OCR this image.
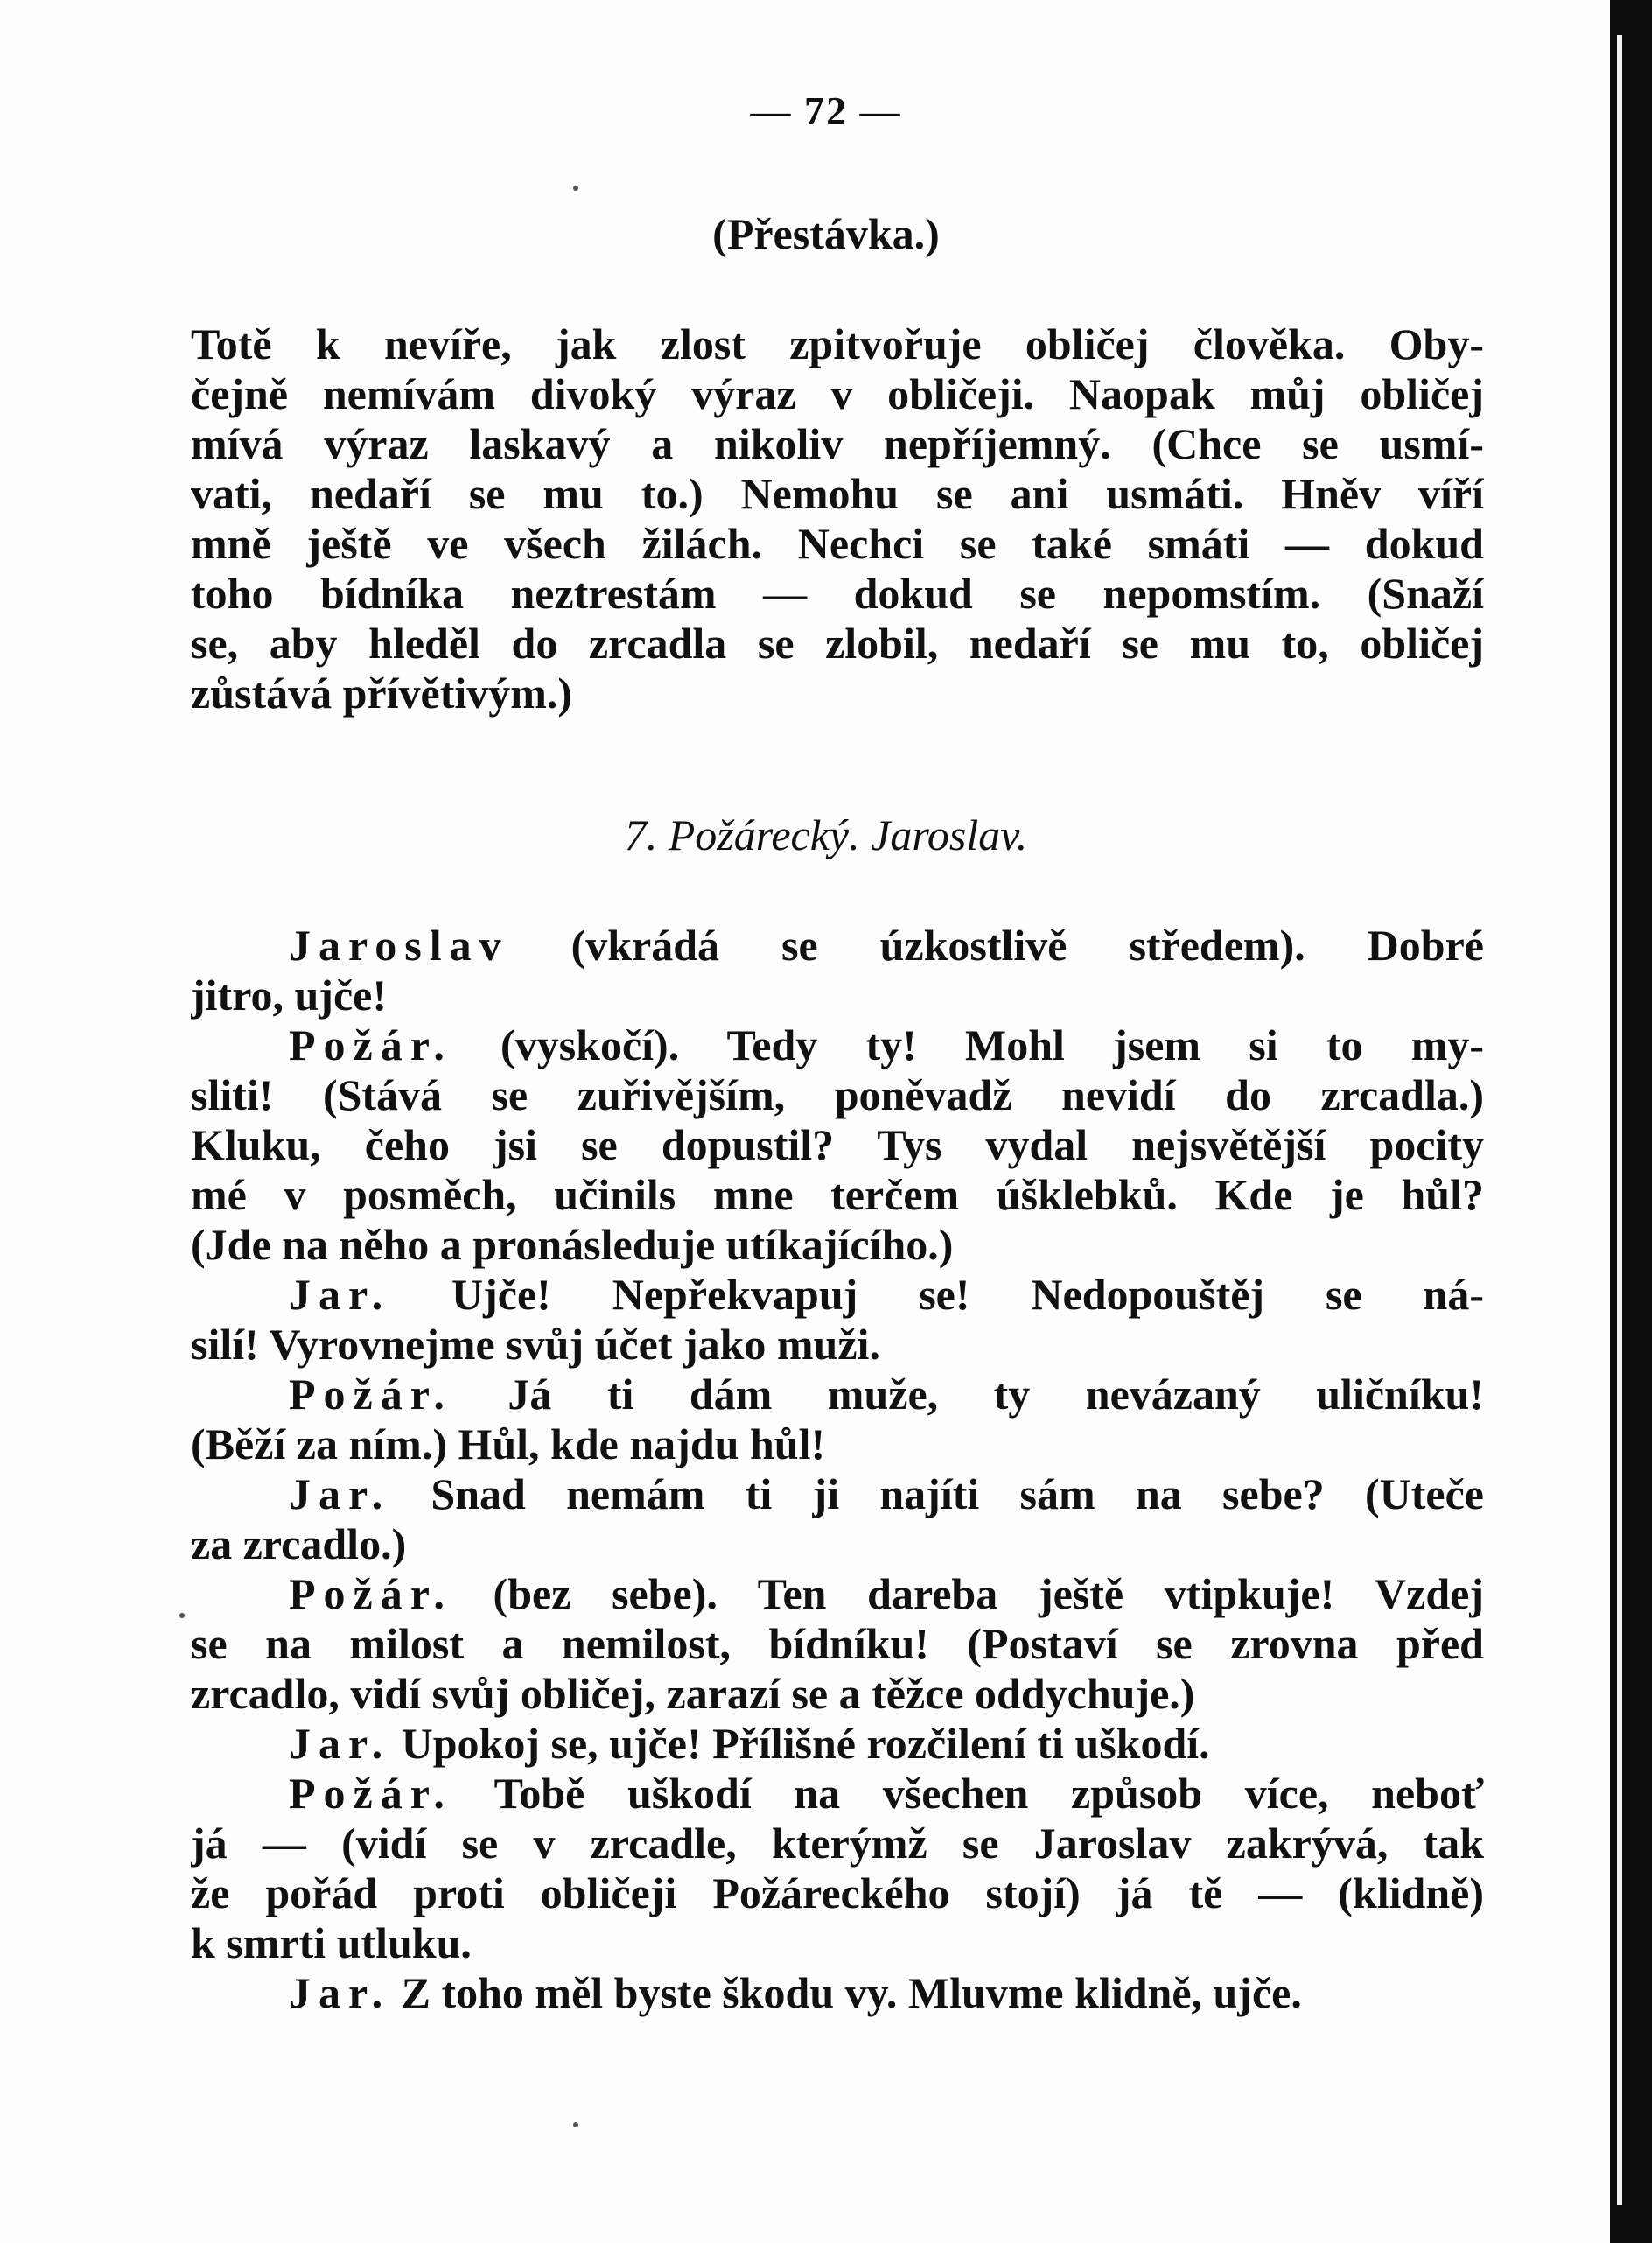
— 72 —
(Přestávka.)
Totě k nevíře, jak zlost zpitvořuje obličej člověka. Oby-
čejně nemívám divoký výraz v obličeji. Naopak můj obličej
mívá výraz laskavý a nikoliv nepříjemný. (Chce se usmí-
vati, nedaří se mu to.) Nemohu se ani usmáti. Hněv víří
mně ještě ve všech žilách. Nechci se také smáti — dokud
toho bídníka neztrestám — dokud se nepomstím. (Snaží
se, aby hleděl do zrcadla se zlobil, nedaří se mu to, obličej
zůstává přívětivým.)
7. Požárecký. Jaroslav.
Jaroslav (vkrádá se úzkostlivě středem). Dobré
jitro, ujče!
Požár. (vyskočí). Tedy ty! Mohl jsem si to my-
sliti! (Stává se zuřivějším, poněvadž nevidí do zrcadla.)
Kluku, čeho jsi se dopustil? Tys vydal nejsvětější pocity
mé v posměch, učinils mne terčem úšklebků. Kde je hůl?
(Jde na něho a pronásleduje utíkajícího.)
Jar. Ujče! Nepřekvapuj se! Nedopouštěj se ná-
silí! Vyrovnejme svůj účet jako muži.
Požár. Já ti dám muže, ty nevázaný uličníku!
(Běží za ním.) Hůl, kde najdu hůl!
Jar. Snad nemám ti ji najíti sám na sebe? (Uteče
za zrcadlo.)
Požár. (bez sebe). Ten dareba ještě vtipkuje! Vzdej
se na milost a nemilost, bídníku! (Postaví se zrovna před
zrcadlo, vidí svůj obličej, zarazí se a těžce oddychuje.)
Jar. Upokoj se, ujče! Přílišné rozčilení ti uškodí.
Požár. Tobě uškodí na všechen způsob více, neboť
já — (vidí se v zrcadle, kterýmž se Jaroslav zakrývá, tak
že pořád proti obličeji Požáreckého stojí) já tě — (klidně)
k smrti utluku.
Jar. Z toho měl byste škodu vy. Mluvme klidně, ujče.
